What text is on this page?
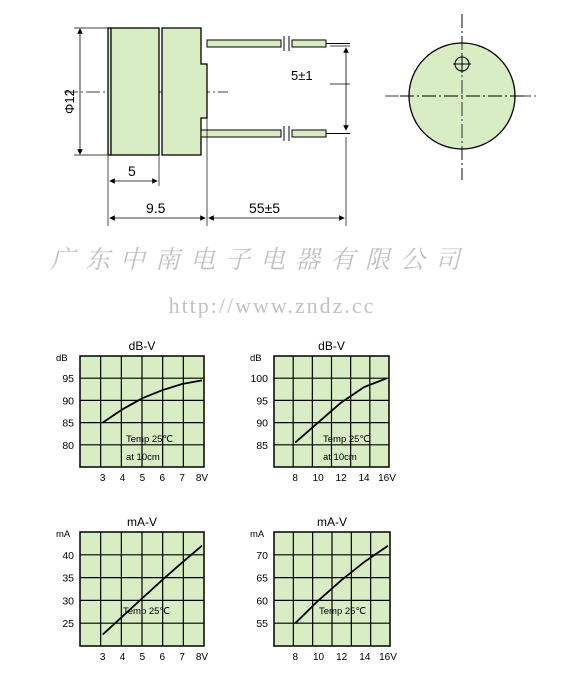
Φ12
5±1
5
9.5	55±5
广东中南电子电器有限公司
http://www.zndz.cc
dB-V
dB
95
90
85
80
3 4 5 6 7 8V
Temp 25℃
at 10cm
dB-V
dB
100
95
90
85
8 10 12 14 16V
Temp 25℃
at 10cm
mA-V
mA
40
35
30
25
3 4 5 6 7 8V
Temp 25℃
mA-V
mA
70
65
60
55
8 10 12 14 16V
Temp 25℃
